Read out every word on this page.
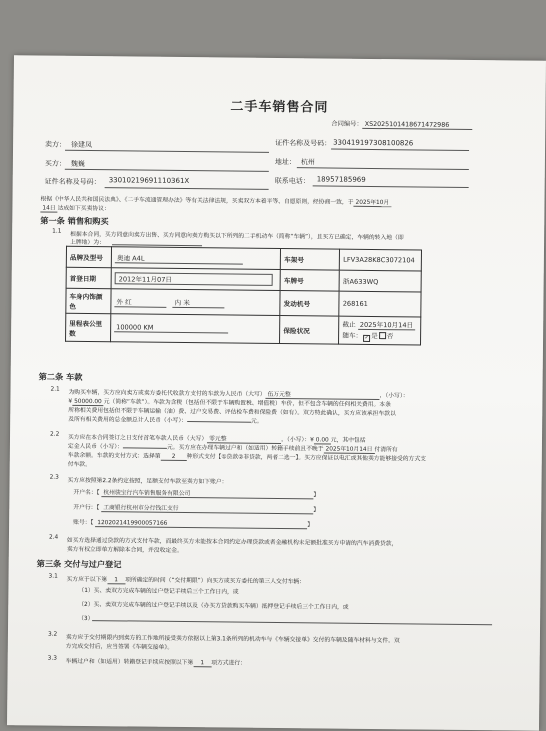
二手车销售合同
合同编号： XS20251014186714729​86
卖方： 徐建凤	证件名称及号码： 330419197308100826
买方： 魏巍	地址： 杭州
证件名称及号码： 330102196911103​61X	联系电话： 18957185969
根据《中华人民共和国民法典》、《二手车流通管理办法》等有关法律法规，买卖双方本着平等、自愿原则，经协商一致，于 2025年10月
14日 达成如下买卖协议：
第一条 销售和购买
1.1
根据本合同，买方同意向卖方出售、买方同意向卖方购买以下所列的二手机动车（简称“车辆”），且买方已确定，车辆的转入地（即
上牌地）为：
品牌及型号	奥迪 A4L	车架号	LFV3A28K8C3072104
首登日期	2012年11月07日	车牌号	浙A633WQ
车身内饰颜色	外 红 内 米	发动机号	268161
里程表公里数	100000 KM	保险状况	截止 2025年10月14日
随车： ✓ 是 否
第二条 车款
2.1
为购买车辆，买方应向卖方或卖方委托代收款方支付的车款为人民币（大写） 伍万元整	，（小写）：
¥ 50000.00 元（简称“车款”）。车款为含税（包括但不限于车辆购置税、增值税）车价，但不包含车辆的任何相关费用。本条
所称相关费用包括但不限于车辆运输（油）费、过户交易费、评估检车费和保险费（如有）。双方特此确认，买方应该承担车款以
及所有相关费用的总金额总计人民币（小写）：	元。
2.2
买方应在本合同签订之日支付首笔车款人民币（大写） 零元整	，（小写）：¥ 0.00 元，其中包括
定金人民币（小写）：	元。买方应在办理车辆过户和（如适用）转籍手续前且不晚于 2025年10月14日 付清所有
车款余额。车款的支付方式：选择第 2 种形式支付【①贷款②非贷款，两者二选一】。买方应保证以电汇或其他卖方能够接受的方式支
付车款。
2.3
买方应按照第2.2条约定按照，足额支付车款至卖方如下账户：
开户名：【 杭州骏宝行汽车销售服务有限公司	】
开户行：【 工商银行杭州市分行钱江支行	】
账号：【 1202021419900057166	】
2.4
如买方选择通过贷款的方式支付车款，而最终买方未能按本合同约定办理贷款或者金融机构未足额批准买方申请的汽车消费贷款，
卖方有权立即单方解除本合同，并没收定金。
第三条 交付与过户登记
3.1
买方应于以下第 1 项所确定的时间（“交付期限”）向买方或买方委托的第三人交付车辆：
（1）买、卖双方完成车辆的过户登记手续后三个工作日内，或
（2）买、卖双方完成车辆的过户登记手续以及（办买方贷款购买车辆）抵押登记手续后三个工作日内，或
（3）
3.2
卖方应于交付期限内到卖方的工作地所接受卖方依据以上第3.1条所列的机动车与《车辆交接单》交付的车辆及随车材料与文件。双
方完成交付后，应当签署《车辆交接单》。
3.3
车辆过户和（如适用）转籍登记手续应按照以下第 1 项方式进行：
